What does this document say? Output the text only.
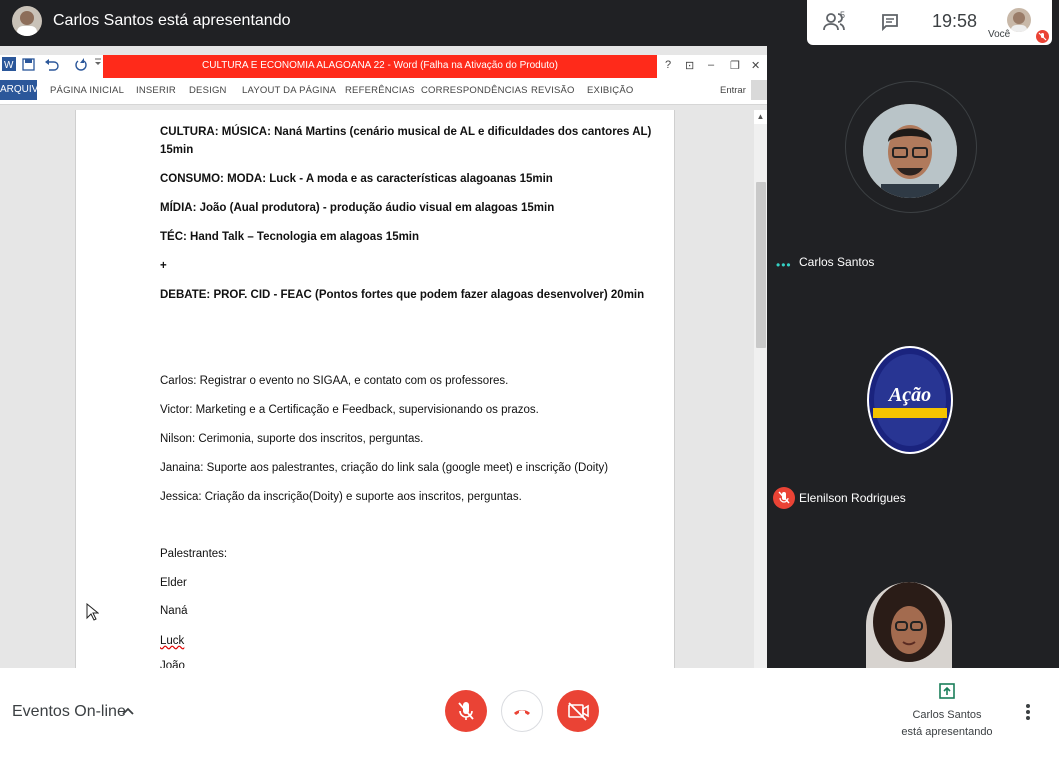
Carlos Santos está apresentando	5	19:58
Você
W	CULTURA E ECONOMIA ALAGOANA 22 - Word (Falha na Ativação do Produto)	? ⊡ – ❐ ✕
ARQUIVO PÁGINA INICIAL INSERIR DESIGN LAYOUT DA PÁGINA REFERÊNCIAS CORRESPONDÊNCIAS REVISÃO EXIBIÇÃO	Entrar
CULTURA: MÚSICA: Naná Martins (cenário musical de AL e dificuldades dos cantores AL)
15min
CONSUMO: MODA: Luck - A moda e as características alagoanas 15min
MÍDIA: João (Aual produtora) - produção áudio visual em alagoas 15min
TÉC: Hand Talk – Tecnologia em alagoas 15min
+
DEBATE: PROF. CID - FEAC (Pontos fortes que podem fazer alagoas desenvolver) 20min
Carlos: Registrar o evento no SIGAA, e contato com os professores.
Victor: Marketing e a Certificação e Feedback, supervisionando os prazos.
Nilson: Cerimonia, suporte dos inscritos, perguntas.
Janaina: Suporte aos palestrantes, criação do link sala (google meet) e inscrição (Doity)
Jessica: Criação da inscrição(Doity) e suporte aos inscritos, perguntas.
Palestrantes:
Elder
Naná
Luck
João
▲
••• Carlos Santos
Ação
Elenilson Rodrigues
Eventos On-line	Carlos Santos
está apresentando
